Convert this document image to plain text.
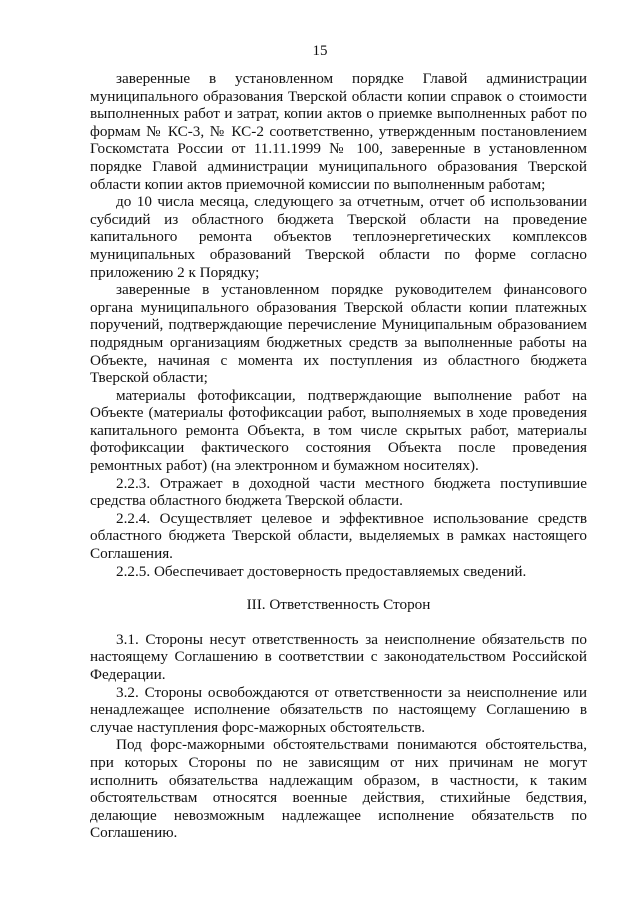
15

заверенные в установленном порядке Главой администрации муниципального образования Тверской области копии справок о стоимости выполненных работ и затрат, копии актов о приемке выполненных работ по формам № КС-3, № КС-2 соответственно, утвержденным постановлением Госкомстата России от 11.11.1999 № 100, заверенные в установленном порядке Главой администрации муниципального образования Тверской области копии актов приемочной комиссии по выполненным работам;

до 10 числа месяца, следующего за отчетным, отчет об использовании субсидий из областного бюджета Тверской области на проведение капитального ремонта объектов теплоэнергетических комплексов муниципальных образований Тверской области по форме согласно приложению 2 к Порядку;

заверенные в установленном порядке руководителем финансового органа муниципального образования Тверской области копии платежных поручений, подтверждающие перечисление Муниципальным образованием подрядным организациям бюджетных средств за выполненные работы на Объекте, начиная с момента их поступления из областного бюджета Тверской области;

материалы фотофиксации, подтверждающие выполнение работ на Объекте (материалы фотофиксации работ, выполняемых в ходе проведения капитального ремонта Объекта, в том числе скрытых работ, материалы фотофиксации фактического состояния Объекта после проведения ремонтных работ) (на электронном и бумажном носителях).

2.2.3. Отражает в доходной части местного бюджета поступившие средства областного бюджета Тверской области.

2.2.4. Осуществляет целевое и эффективное использование средств областного бюджета Тверской области, выделяемых в рамках настоящего Соглашения.

2.2.5. Обеспечивает достоверность предоставляемых сведений.

III. Ответственность Сторон

3.1. Стороны несут ответственность за неисполнение обязательств по настоящему Соглашению в соответствии с законодательством Российской Федерации.

3.2. Стороны освобождаются от ответственности за неисполнение или ненадлежащее исполнение обязательств по настоящему Соглашению в случае наступления форс-мажорных обстоятельств.

Под форс-мажорными обстоятельствами понимаются обстоятельства, при которых Стороны по не зависящим от них причинам не могут исполнить обязательства надлежащим образом, в частности, к таким обстоятельствам относятся военные действия, стихийные бедствия, делающие невозможным надлежащее исполнение обязательств по Соглашению.
